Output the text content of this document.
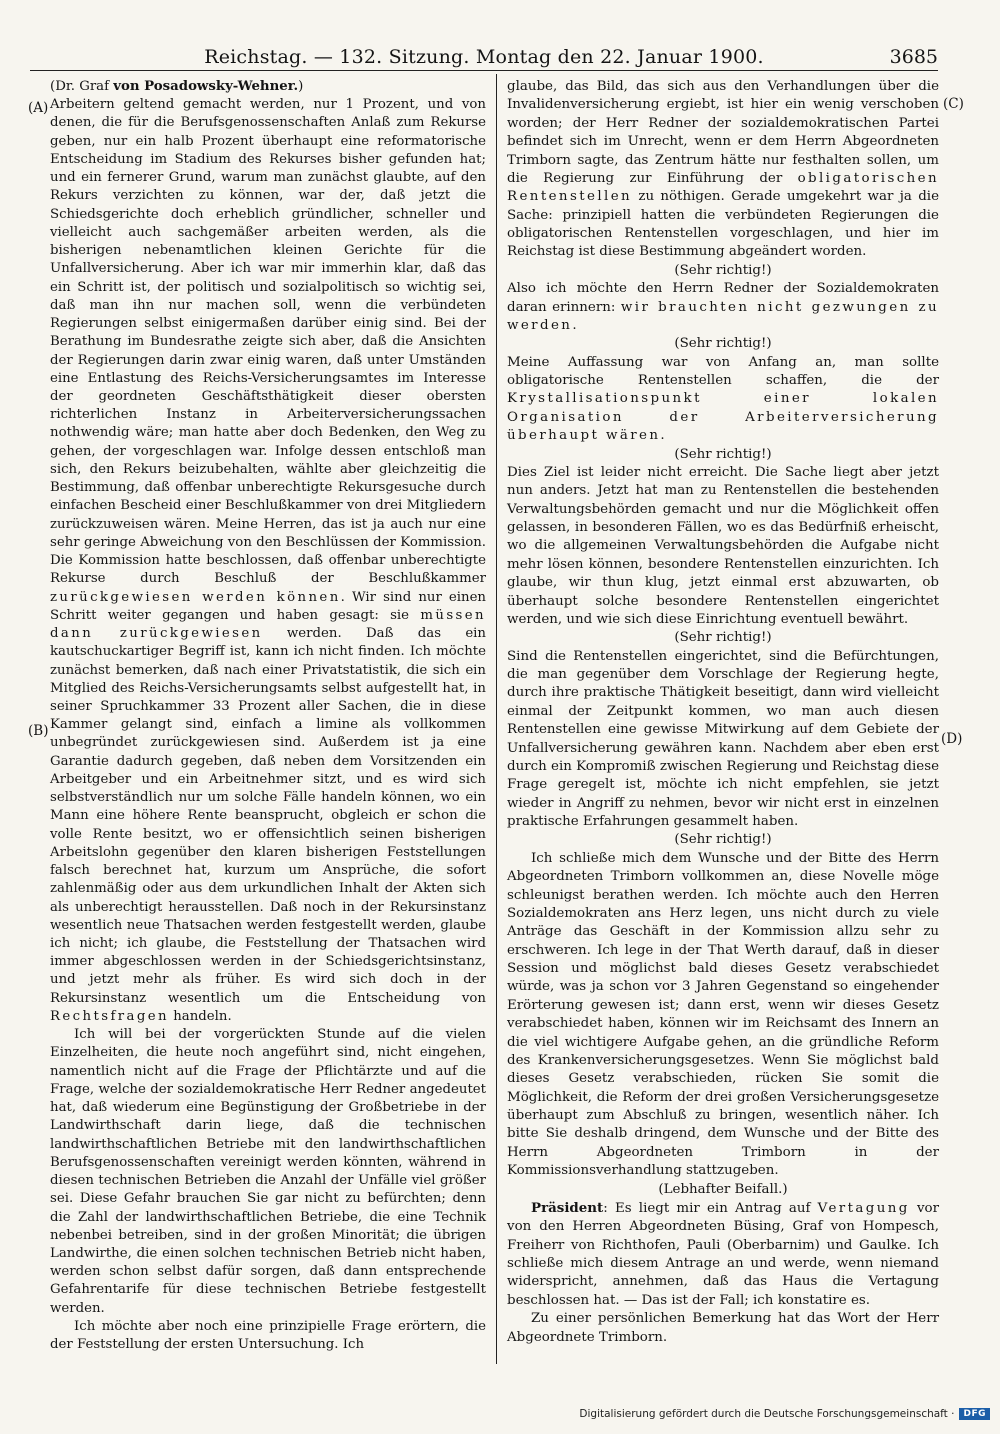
Reichstag. — 132. Sitzung. Montag den 22. Januar 1900.	3685
(A)
(B)
(C)
(D)

(Dr. Graf von Posadowsky-Wehner.)

Arbeitern geltend gemacht werden, nur 1 Prozent, und von denen, die für die Berufsgenossenschaften Anlaß zum Rekurse geben, nur ein halb Prozent überhaupt eine reformatorische Entscheidung im Stadium des Rekurses bisher gefunden hat; und ein fernerer Grund, warum man zunächst glaubte, auf den Rekurs verzichten zu können, war der, daß jetzt die Schiedsgerichte doch erheblich gründlicher, schneller und vielleicht auch sachgemäßer arbeiten werden, als die bisherigen nebenamtlichen kleinen Gerichte für die Unfallversicherung. Aber ich war mir immerhin klar, daß das ein Schritt ist, der politisch und sozialpolitisch so wichtig sei, daß man ihn nur machen soll, wenn die verbündeten Regierungen selbst einigermaßen darüber einig sind. Bei der Berathung im Bundesrathe zeigte sich aber, daß die Ansichten der Regierungen darin zwar einig waren, daß unter Umständen eine Entlastung des Reichs-Versicherungsamtes im Interesse der geordneten Geschäftsthätigkeit dieser obersten richterlichen Instanz in Arbeiterversicherungssachen nothwendig wäre; man hatte aber doch Bedenken, den Weg zu gehen, der vorgeschlagen war. Infolge dessen entschloß man sich, den Rekurs beizubehalten, wählte aber gleichzeitig die Bestimmung, daß offenbar unberechtigte Rekursgesuche durch einfachen Bescheid einer Beschlußkammer von drei Mitgliedern zurückzuweisen wären. Meine Herren, das ist ja auch nur eine sehr geringe Abweichung von den Beschlüssen der Kommission. Die Kommission hatte beschlossen, daß offenbar unberechtigte Rekurse durch Beschluß der Beschlußkammer zurückgewiesen werden können. Wir sind nur einen Schritt weiter gegangen und haben gesagt: sie müssen dann zurückgewiesen werden. Daß das ein kautschuckartiger Begriff ist, kann ich nicht finden. Ich möchte zunächst bemerken, daß nach einer Privatstatistik, die sich ein Mitglied des Reichs-Versicherungsamts selbst aufgestellt hat, in seiner Spruchkammer 33 Prozent aller Sachen, die in diese Kammer gelangt sind, einfach a limine als vollkommen unbegründet zurückgewiesen sind. Außerdem ist ja eine Garantie dadurch gegeben, daß neben dem Vorsitzenden ein Arbeitgeber und ein Arbeitnehmer sitzt, und es wird sich selbstverständlich nur um solche Fälle handeln können, wo ein Mann eine höhere Rente beansprucht, obgleich er schon die volle Rente besitzt, wo er offensichtlich seinen bisherigen Arbeitslohn gegenüber den klaren bisherigen Feststellungen falsch berechnet hat, kurzum um Ansprüche, die sofort zahlenmäßig oder aus dem urkundlichen Inhalt der Akten sich als unberechtigt herausstellen. Daß noch in der Rekursinstanz wesentlich neue Thatsachen werden festgestellt werden, glaube ich nicht; ich glaube, die Feststellung der Thatsachen wird immer abgeschlossen werden in der Schiedsgerichtsinstanz, und jetzt mehr als früher. Es wird sich doch in der Rekursinstanz wesentlich um die Entscheidung von Rechtsfragen handeln.

Ich will bei der vorgerückten Stunde auf die vielen Einzelheiten, die heute noch angeführt sind, nicht eingehen, namentlich nicht auf die Frage der Pflichtärzte und auf die Frage, welche der sozialdemokratische Herr Redner angedeutet hat, daß wiederum eine Begünstigung der Großbetriebe in der Landwirthschaft darin liege, daß die technischen landwirthschaftlichen Betriebe mit den landwirthschaftlichen Berufsgenossenschaften vereinigt werden könnten, während in diesen technischen Betrieben die Anzahl der Unfälle viel größer sei. Diese Gefahr brauchen Sie gar nicht zu befürchten; denn die Zahl der landwirthschaftlichen Betriebe, die eine Technik nebenbei betreiben, sind in der großen Minorität; die übrigen Landwirthe, die einen solchen technischen Betrieb nicht haben, werden schon selbst dafür sorgen, daß dann entsprechende Gefahrentarife für diese technischen Betriebe festgestellt werden.

Ich möchte aber noch eine prinzipielle Frage erörtern, die der Feststellung der ersten Untersuchung. Ich

glaube, das Bild, das sich aus den Verhandlungen über die Invalidenversicherung ergiebt, ist hier ein wenig verschoben worden; der Herr Redner der sozialdemokratischen Partei befindet sich im Unrecht, wenn er dem Herrn Abgeordneten Trimborn sagte, das Zentrum hätte nur festhalten sollen, um die Regierung zur Einführung der obligatorischen Rentenstellen zu nöthigen. Gerade umgekehrt war ja die Sache: prinzipiell hatten die verbündeten Regierungen die obligatorischen Rentenstellen vorgeschlagen, und hier im Reichstag ist diese Bestimmung abgeändert worden.

(Sehr richtig!)

Also ich möchte den Herrn Redner der Sozialdemokraten daran erinnern: wir brauchten nicht gezwungen zu werden.

(Sehr richtig!)

Meine Auffassung war von Anfang an, man sollte obligatorische Rentenstellen schaffen, die der Krystallisationspunkt einer lokalen Organisation der Arbeiterversicherung überhaupt wären.

(Sehr richtig!)

Dies Ziel ist leider nicht erreicht. Die Sache liegt aber jetzt nun anders. Jetzt hat man zu Rentenstellen die bestehenden Verwaltungsbehörden gemacht und nur die Möglichkeit offen gelassen, in besonderen Fällen, wo es das Bedürfniß erheischt, wo die allgemeinen Verwaltungsbehörden die Aufgabe nicht mehr lösen können, besondere Rentenstellen einzurichten. Ich glaube, wir thun klug, jetzt einmal erst abzuwarten, ob überhaupt solche besondere Rentenstellen eingerichtet werden, und wie sich diese Einrichtung eventuell bewährt.

(Sehr richtig!)

Sind die Rentenstellen eingerichtet, sind die Befürchtungen, die man gegenüber dem Vorschlage der Regierung hegte, durch ihre praktische Thätigkeit beseitigt, dann wird vielleicht einmal der Zeitpunkt kommen, wo man auch diesen Rentenstellen eine gewisse Mitwirkung auf dem Gebiete der Unfallversicherung gewähren kann. Nachdem aber eben erst durch ein Kompromiß zwischen Regierung und Reichstag diese Frage geregelt ist, möchte ich nicht empfehlen, sie jetzt wieder in Angriff zu nehmen, bevor wir nicht erst in einzelnen praktische Erfahrungen gesammelt haben.

(Sehr richtig!)

Ich schließe mich dem Wunsche und der Bitte des Herrn Abgeordneten Trimborn vollkommen an, diese Novelle möge schleunigst berathen werden. Ich möchte auch den Herren Sozialdemokraten ans Herz legen, uns nicht durch zu viele Anträge das Geschäft in der Kommission allzu sehr zu erschweren. Ich lege in der That Werth darauf, daß in dieser Session und möglichst bald dieses Gesetz verabschiedet würde, was ja schon vor 3 Jahren Gegenstand so eingehender Erörterung gewesen ist; dann erst, wenn wir dieses Gesetz verabschiedet haben, können wir im Reichsamt des Innern an die viel wichtigere Aufgabe gehen, an die gründliche Reform des Krankenversicherungsgesetzes. Wenn Sie möglichst bald dieses Gesetz verabschieden, rücken Sie somit die Möglichkeit, die Reform der drei großen Versicherungsgesetze überhaupt zum Abschluß zu bringen, wesentlich näher. Ich bitte Sie deshalb dringend, dem Wunsche und der Bitte des Herrn Abgeordneten Trimborn in der Kommissionsverhandlung stattzugeben.

(Lebhafter Beifall.)

Präsident: Es liegt mir ein Antrag auf Vertagung vor von den Herren Abgeordneten Büsing, Graf von Hompesch, Freiherr von Richthofen, Pauli (Oberbarnim) und Gaulke. Ich schließe mich diesem Antrage an und werde, wenn niemand widerspricht, annehmen, daß das Haus die Vertagung beschlossen hat. — Das ist der Fall; ich konstatire es.

Zu einer persönlichen Bemerkung hat das Wort der Herr Abgeordnete Trimborn.

Digitalisierung gefördert durch die Deutsche Forschungsgemeinschaft ·	DFG
